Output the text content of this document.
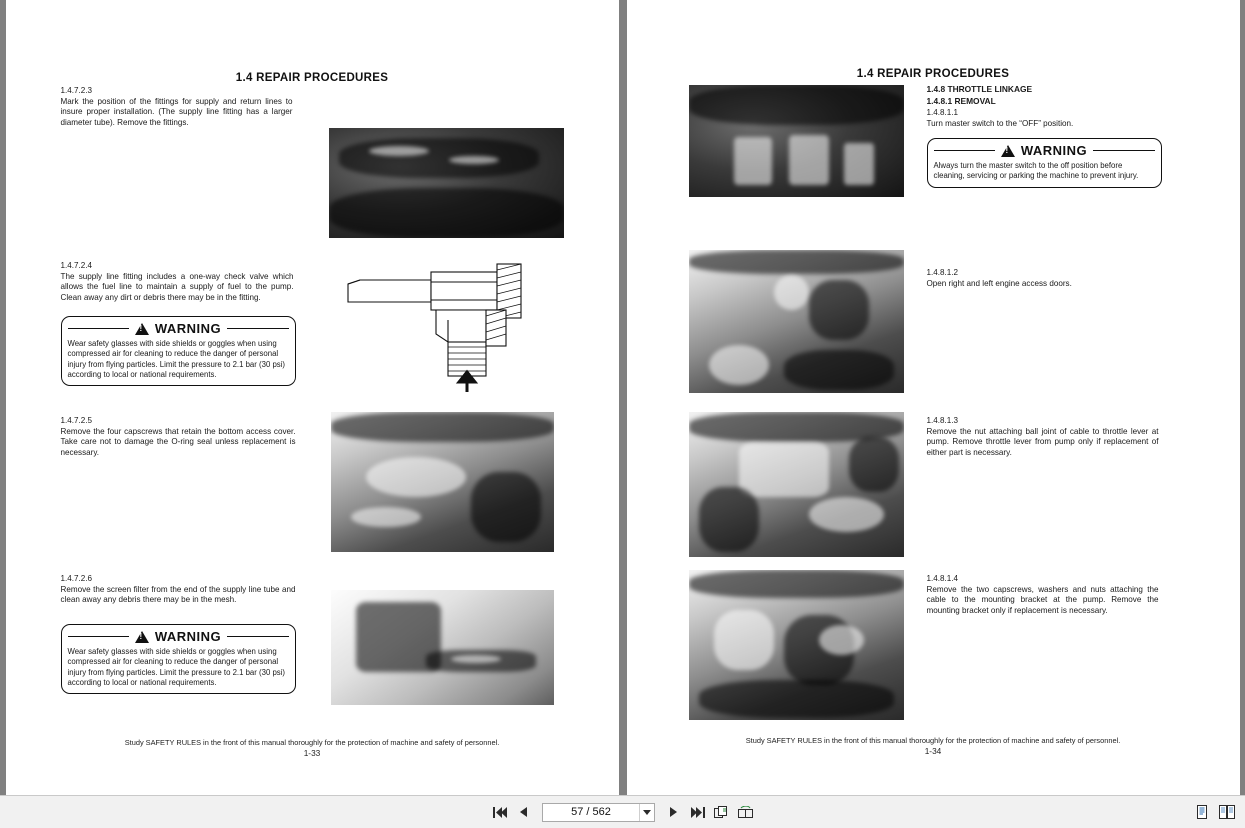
1.4 REPAIR PROCEDURES
1.4.7.2.3
Mark the position of the fittings for supply and return lines to insure proper installation. (The supply line fitting has a larger diameter tube). Remove the fittings.
1.4.7.2.4
The supply line fitting includes a one-way check valve which allows the fuel line to maintain a supply of fuel to the pump. Clean away any dirt or debris there may be in the fitting.
!
WARNING
Wear safety glasses with side shields or goggles when using compressed air for cleaning to reduce the danger of personal injury from flying particles. Limit the pressure to 2.1 bar (30 psi) according to local or national requirements.
1.4.7.2.5
Remove the four capscrews that retain the bottom access cover. Take care not to damage the O-ring seal unless replacement is necessary.
1.4.7.2.6
Remove the screen filter from the end of the supply line tube and clean away any debris there may be in the mesh.
!
WARNING
Wear safety glasses with side shields or goggles when using compressed air for cleaning to reduce the danger of personal injury from flying particles. Limit the pressure to 2.1 bar (30 psi) according to local or national requirements.
Study SAFETY RULES in the front of this manual thoroughly for the protection of machine and safety of personnel.
1-33
1.4 REPAIR PROCEDURES
1.4.8 THROTTLE LINKAGE
1.4.8.1 REMOVAL
1.4.8.1.1
Turn master switch to the “OFF” position.
!
WARNING
Always turn the master switch to the off position before cleaning, servicing or parking the machine to prevent injury.
1.4.8.1.2
Open right and left engine access doors.
1.4.8.1.3
Remove the nut attaching ball joint of cable to throttle lever at pump. Remove throttle lever from pump only if replacement of either part is necessary.
1.4.8.1.4
Remove the two capscrews, washers and nuts attaching the cable to the mounting bracket at the pump. Remove the mounting bracket only if replacement is necessary.
Study SAFETY RULES in the front of this manual thoroughly for the protection of machine and safety of personnel.
1-34
57 / 562
